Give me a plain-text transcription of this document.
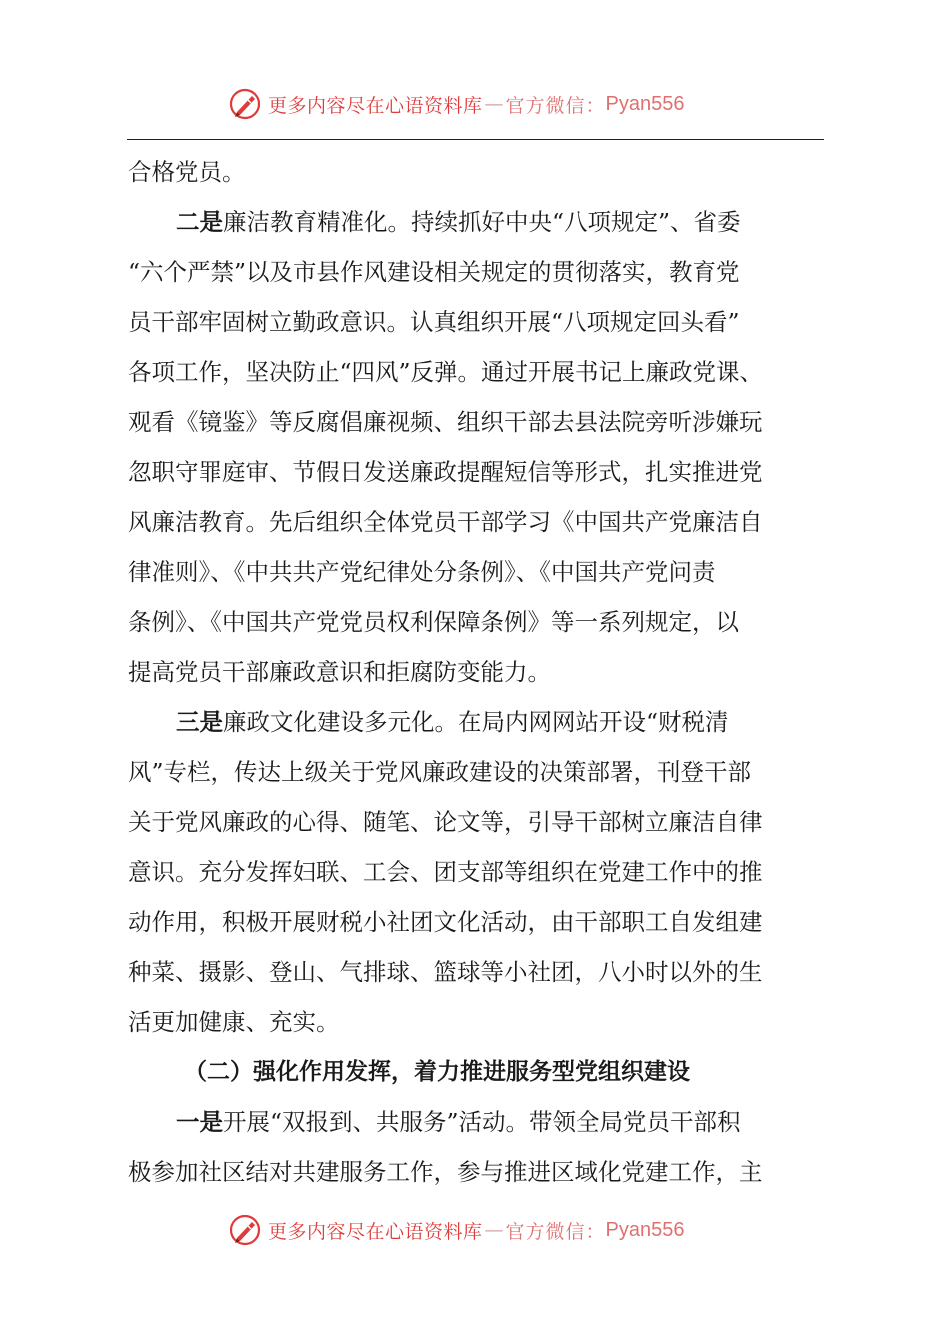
更多内容尽在心语资料库 — 官方微信： Pyan556
合格党员。
二是廉洁教育精准化。持续抓好中央“八项规定”、省委
“六个严禁”以及市县作风建设相关规定的贯彻落实，教育党
员干部牢固树立勤政意识。认真组织开展“八项规定回头看”
各项工作，坚决防止“四风”反弹。通过开展书记上廉政党课、
观看《镜鉴》等反腐倡廉视频、组织干部去县法院旁听涉嫌玩
忽职守罪庭审、节假日发送廉政提醒短信等形式，扎实推进党
风廉洁教育。先后组织全体党员干部学习《中国共产党廉洁自
律准则》、《中共共产党纪律处分条例》、《中国共产党问责
条例》、《中国共产党党员权利保障条例》等一系列规定，以
提高党员干部廉政意识和拒腐防变能力。
三是廉政文化建设多元化。在局内网网站开设“财税清
风”专栏，传达上级关于党风廉政建设的决策部署，刊登干部
关于党风廉政的心得、随笔、论文等，引导干部树立廉洁自律
意识。充分发挥妇联、工会、团支部等组织在党建工作中的推
动作用，积极开展财税小社团文化活动，由干部职工自发组建
种菜、摄影、登山、气排球、篮球等小社团，八小时以外的生
活更加健康、充实。
（二）强化作用发挥，着力推进服务型党组织建设
一是开展“双报到、共服务”活动。带领全局党员干部积
极参加社区结对共建服务工作，参与推进区域化党建工作，主
更多内容尽在心语资料库 — 官方微信： Pyan556
